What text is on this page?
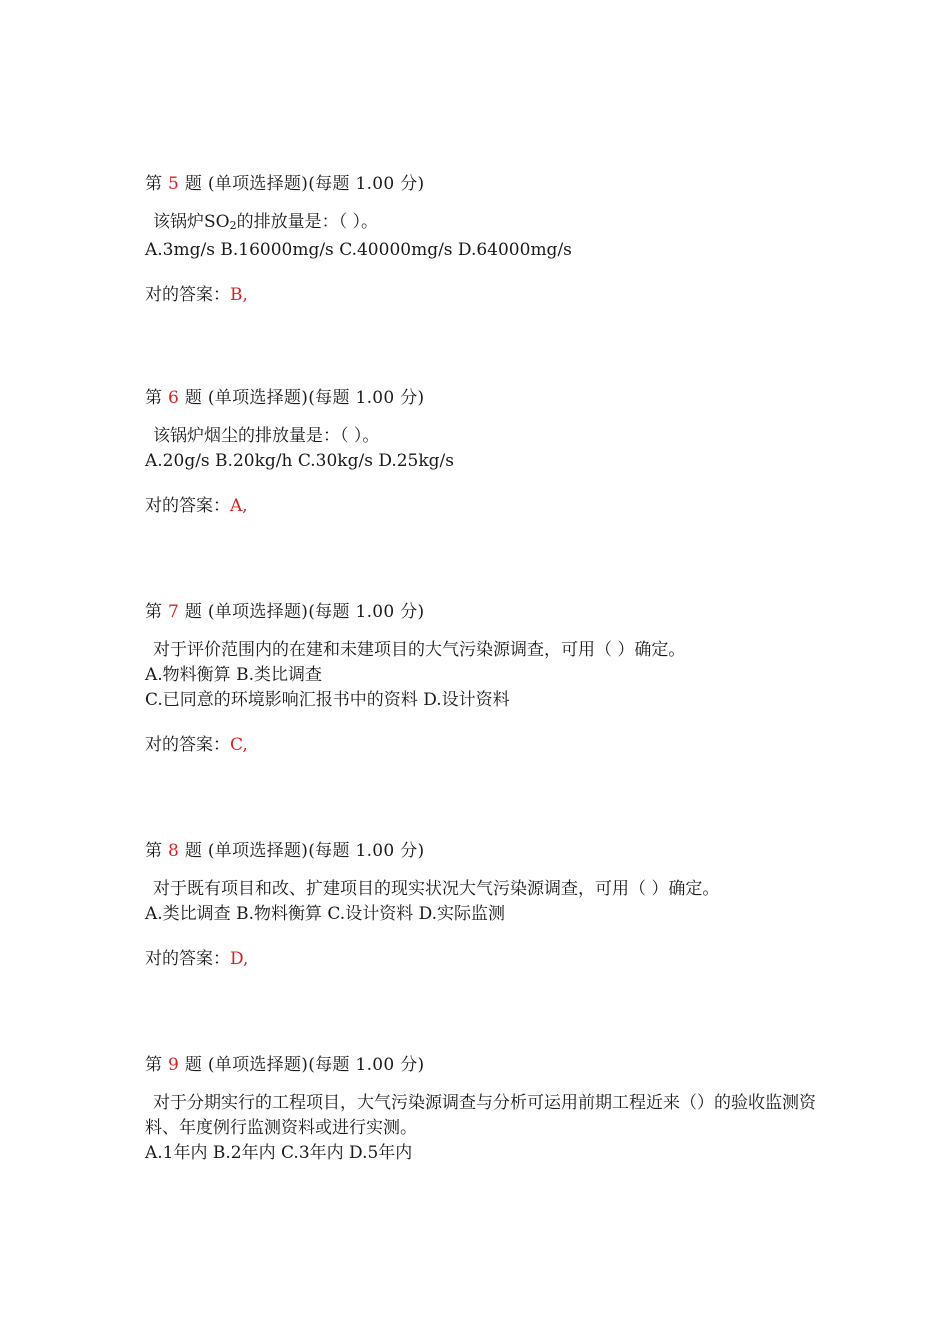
第 5 题 (单项选择题)(每题 1.00 分)
该锅炉$SO_2$的排放量是：（ ）。
A.3mg/s B.16000mg/s C.40000mg/s D.64000mg/s
对的答案：B,
第 6 题 (单项选择题)(每题 1.00 分)
该锅炉烟尘的排放量是：（ ）。
A.20g/s B.20kg/h C.30kg/s D.25kg/s
对的答案：A,
第 7 题 (单项选择题)(每题 1.00 分)
对于评价范围内的在建和未建项目的大气污染源调查，可用（ ）确定。
A.物料衡算 B.类比调查
C.已同意的环境影响汇报书中的资料 D.设计资料
对的答案：C,
第 8 题 (单项选择题)(每题 1.00 分)
对于既有项目和改、扩建项目的现实状况大气污染源调查，可用（ ）确定。
A.类比调查 B.物料衡算 C.设计资料 D.实际监测
对的答案：D,
第 9 题 (单项选择题)(每题 1.00 分)
对于分期实行的工程项目，大气污染源调查与分析可运用前期工程近来（）的验收监测资料、年度例行监测资料或进行实测。
A.1年内 B.2年内 C.3年内 D.5年内
